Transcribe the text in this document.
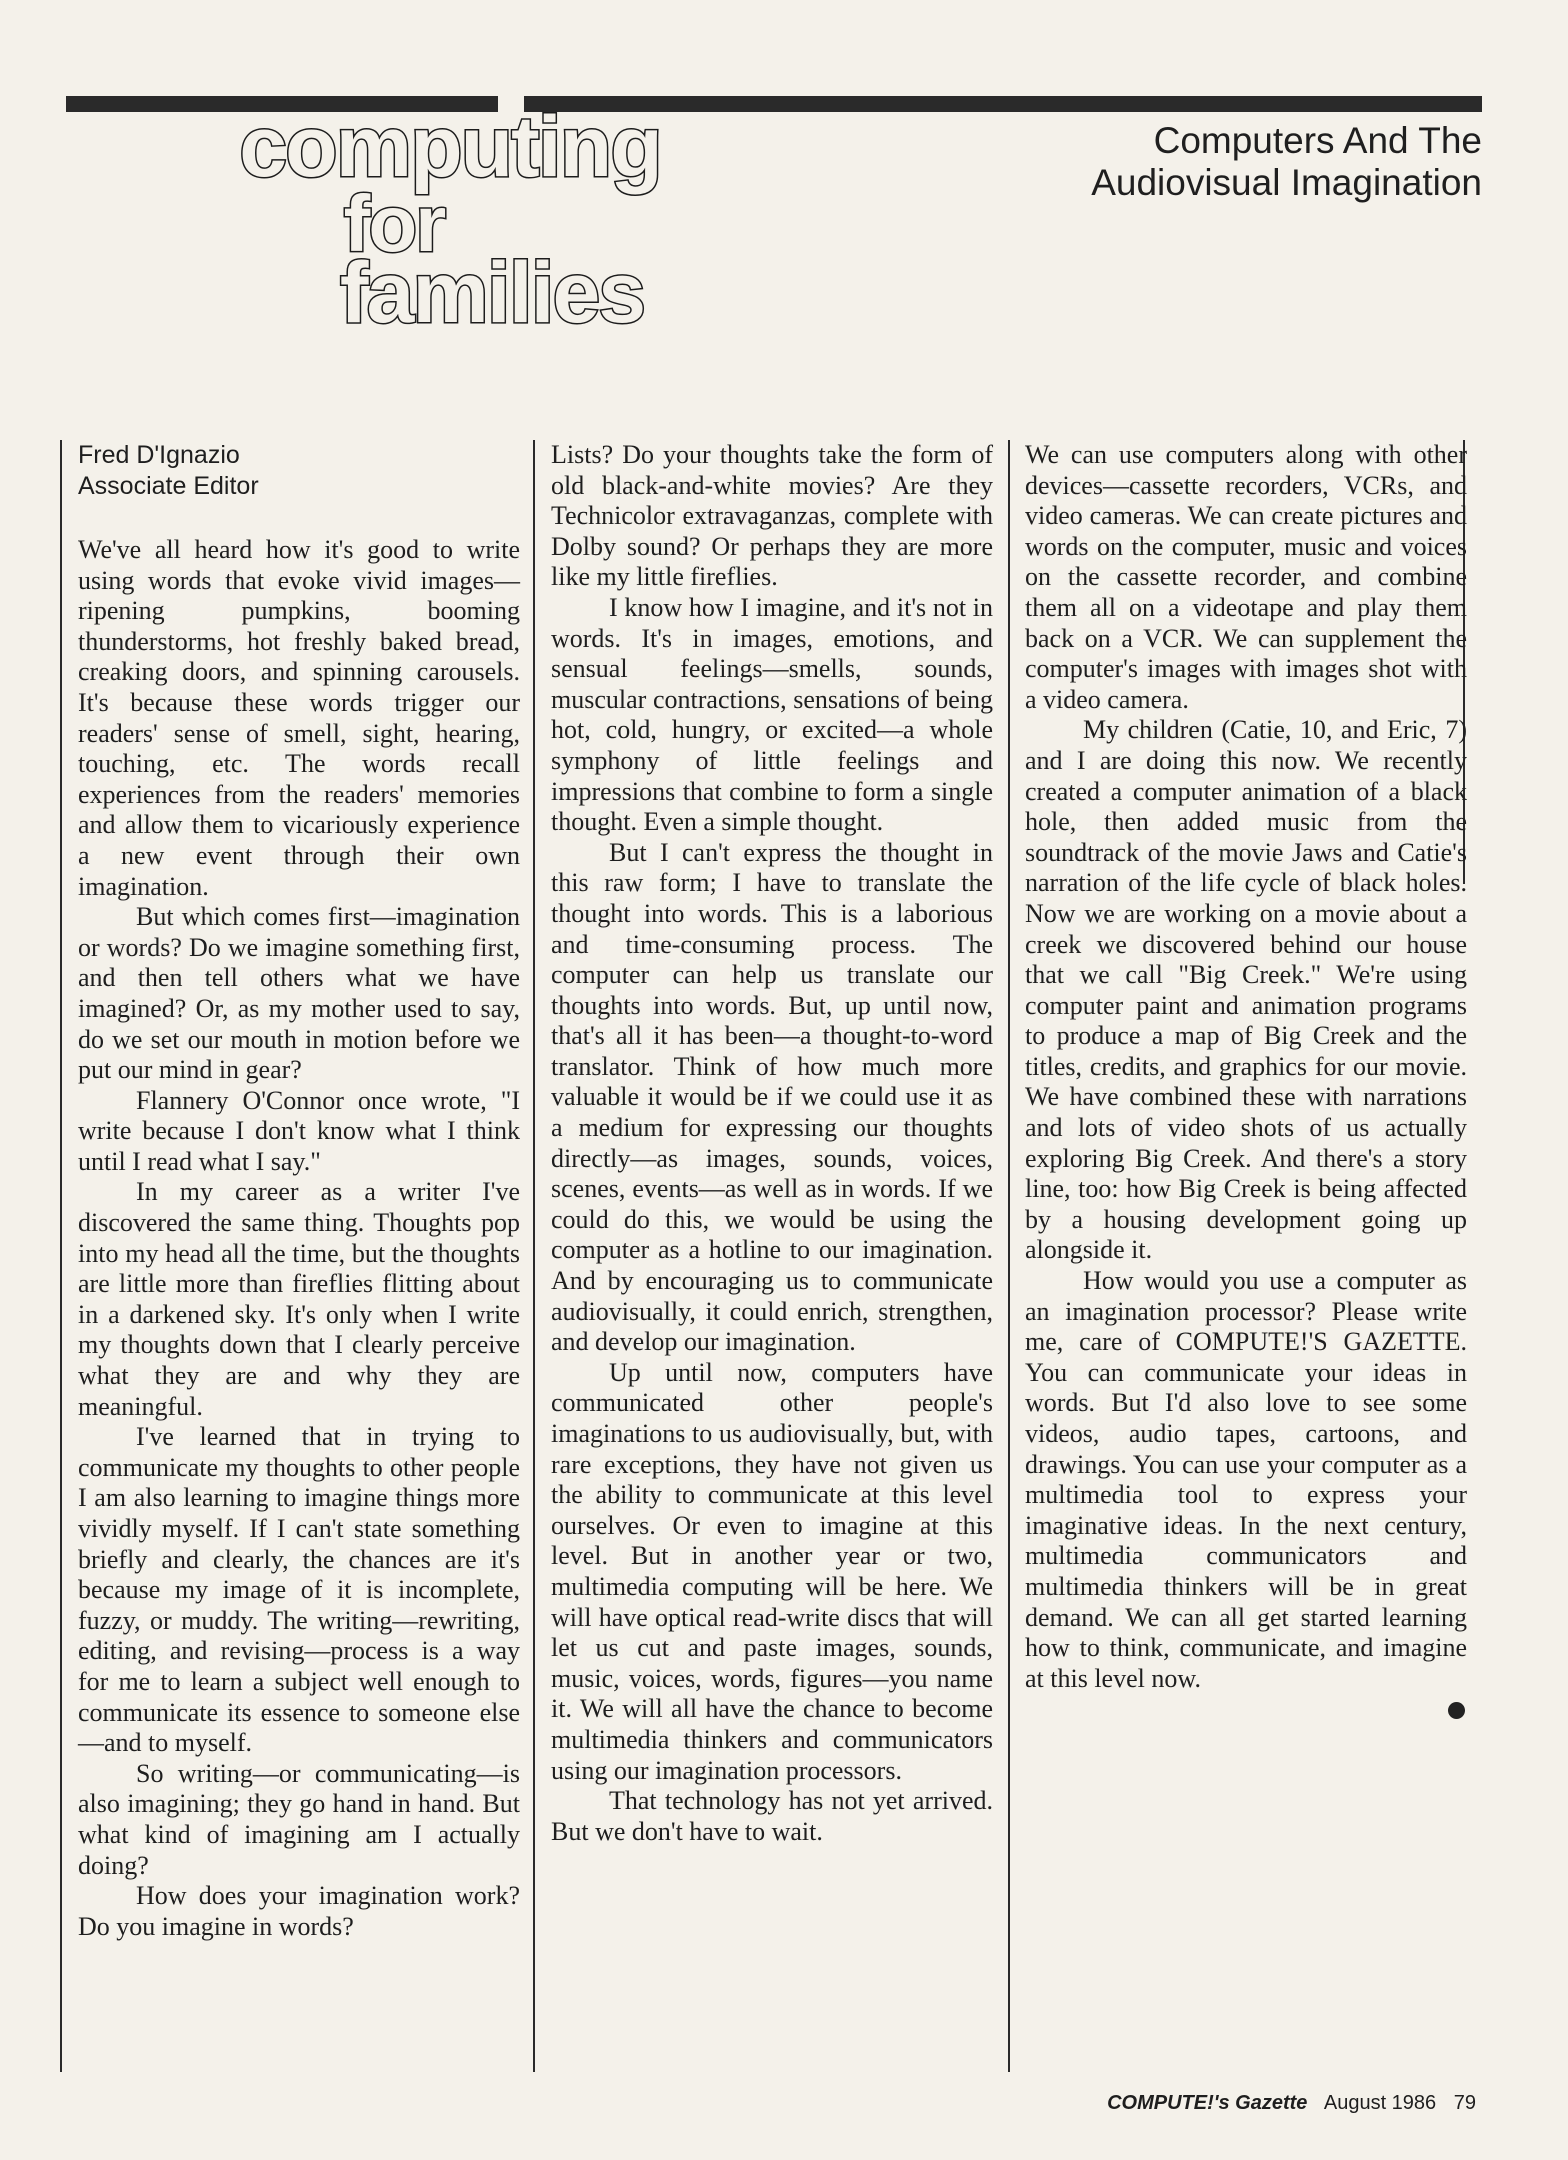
computing
for
families
Computers And The
Audiovisual Imagination
Fred D'Ignazio
Associate Editor

We've all heard how it's good to write using words that evoke vivid images—ripening pumpkins, booming thunderstorms, hot freshly baked bread, creaking doors, and spinning carousels. It's because these words trigger our readers' sense of smell, sight, hearing, touching, etc. The words recall experiences from the readers' memories and allow them to vicariously experience a new event through their own imagination.

But which comes first—imagination or words? Do we imagine something first, and then tell others what we have imagined? Or, as my mother used to say, do we set our mouth in motion before we put our mind in gear?

Flannery O'Connor once wrote, "I write because I don't know what I think until I read what I say."

In my career as a writer I've discovered the same thing. Thoughts pop into my head all the time, but the thoughts are little more than fireflies flitting about in a darkened sky. It's only when I write my thoughts down that I clearly perceive what they are and why they are meaningful.

I've learned that in trying to communicate my thoughts to other people I am also learning to imagine things more vividly myself. If I can't state something briefly and clearly, the chances are it's because my image of it is incomplete, fuzzy, or muddy. The writing—rewriting, editing, and revising—process is a way for me to learn a subject well enough to communicate its essence to someone else—and to myself.

So writing—or communicating—is also imagining; they go hand in hand. But what kind of imagining am I actually doing?

How does your imagination work? Do you imagine in words?

Lists? Do your thoughts take the form of old black-and-white movies? Are they Technicolor extravaganzas, complete with Dolby sound? Or perhaps they are more like my little fireflies.

I know how I imagine, and it's not in words. It's in images, emotions, and sensual feelings—smells, sounds, muscular contractions, sensations of being hot, cold, hungry, or excited—a whole symphony of little feelings and impressions that combine to form a single thought. Even a simple thought.

But I can't express the thought in this raw form; I have to translate the thought into words. This is a laborious and time-consuming process. The computer can help us translate our thoughts into words. But, up until now, that's all it has been—a thought-to-word translator. Think of how much more valuable it would be if we could use it as a medium for expressing our thoughts directly—as images, sounds, voices, scenes, events—as well as in words. If we could do this, we would be using the computer as a hotline to our imagination. And by encouraging us to communicate audiovisually, it could enrich, strengthen, and develop our imagination.

Up until now, computers have communicated other people's imaginations to us audiovisually, but, with rare exceptions, they have not given us the ability to communicate at this level ourselves. Or even to imagine at this level. But in another year or two, multimedia computing will be here. We will have optical read-write discs that will let us cut and paste images, sounds, music, voices, words, figures—you name it. We will all have the chance to become multimedia thinkers and communicators using our imagination processors.

That technology has not yet arrived. But we don't have to wait.

We can use computers along with other devices—cassette recorders, VCRs, and video cameras. We can create pictures and words on the computer, music and voices on the cassette recorder, and combine them all on a videotape and play them back on a VCR. We can supplement the computer's images with images shot with a video camera.

My children (Catie, 10, and Eric, 7) and I are doing this now. We recently created a computer animation of a black hole, then added music from the soundtrack of the movie Jaws and Catie's narration of the life cycle of black holes. Now we are working on a movie about a creek we discovered behind our house that we call "Big Creek." We're using computer paint and animation programs to produce a map of Big Creek and the titles, credits, and graphics for our movie. We have combined these with narrations and lots of video shots of us actually exploring Big Creek. And there's a story line, too: how Big Creek is being affected by a housing development going up alongside it.

How would you use a computer as an imagination processor? Please write me, care of COMPUTE!'S GAZETTE. You can communicate your ideas in words. But I'd also love to see some videos, audio tapes, cartoons, and drawings. You can use your computer as a multimedia tool to express your imaginative ideas. In the next century, multimedia communicators and multimedia thinkers will be in great demand. We can all get started learning how to think, communicate, and imagine at this level now.

COMPUTE!'s Gazette August 1986 79
